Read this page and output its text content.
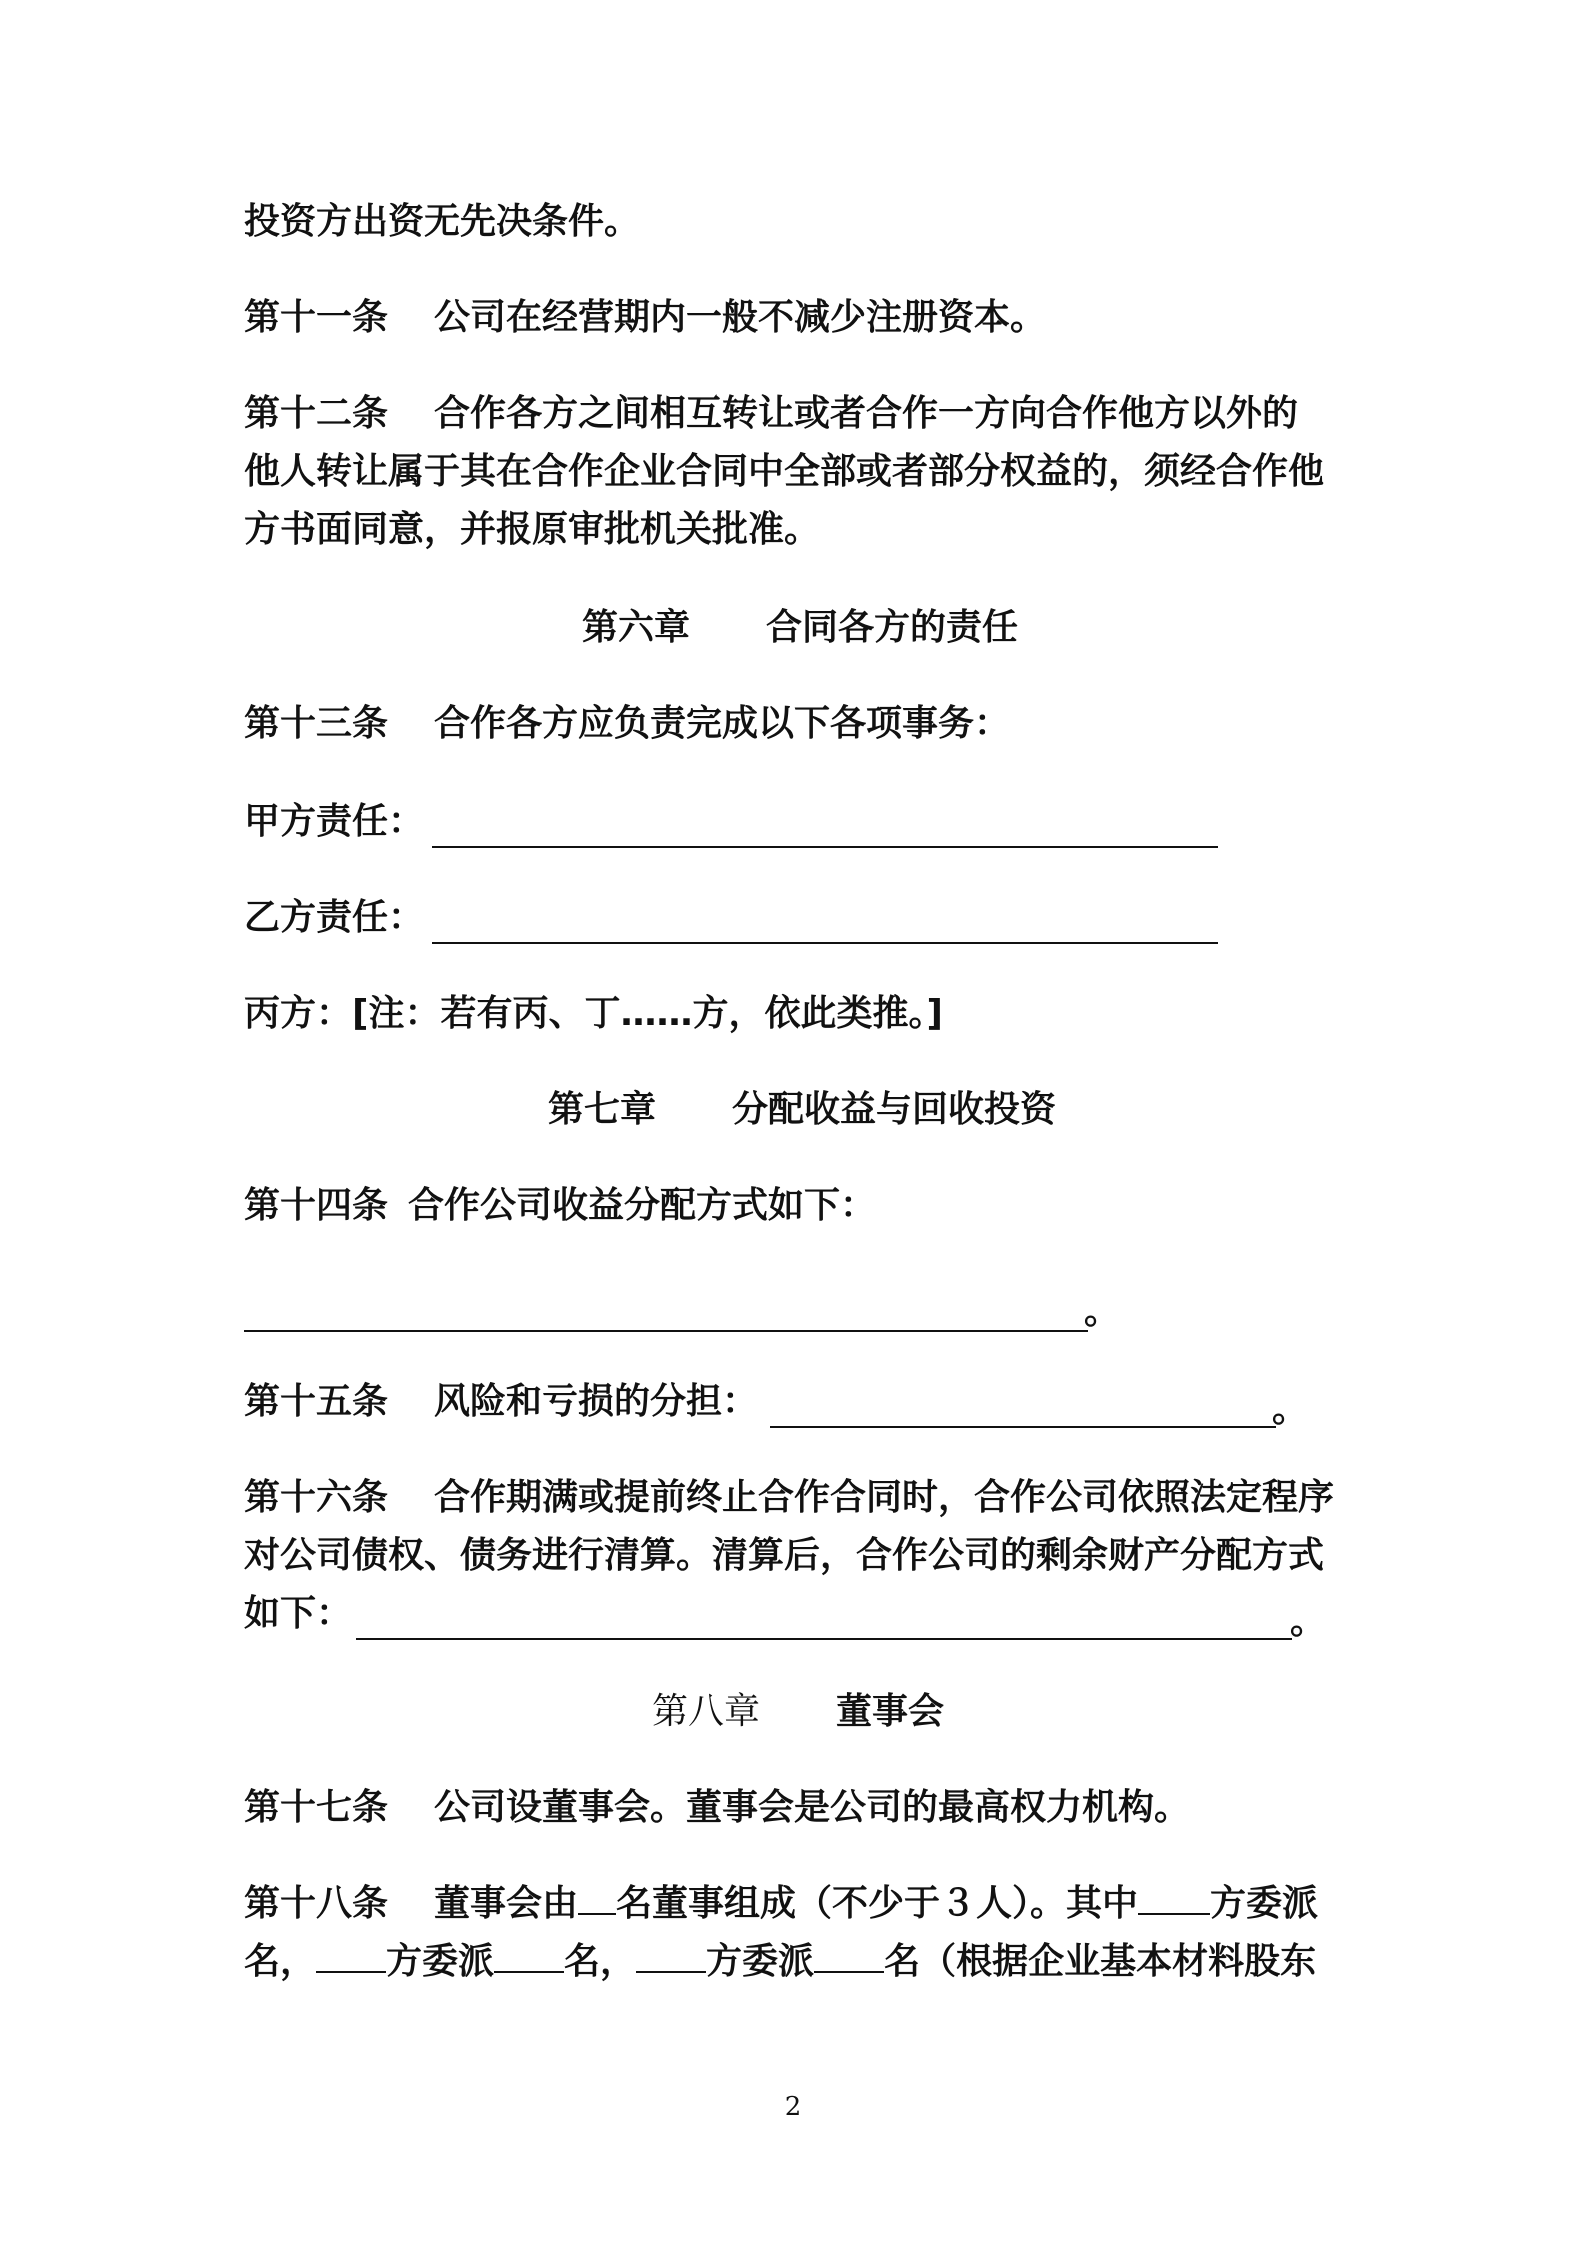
投资方出资无先决条件。
第十一条 公司在经营期内一般不减少注册资本。
第十二条 合作各方之间相互转让或者合作一方向合作他方以外的
他人转让属于其在合作企业合同中全部或者部分权益的，须经合作他
方书面同意，并报原审批机关批准。
第六章 合同各方的责任
第十三条 合作各方应负责完成以下各项事务：
甲方责任：
乙方责任：
丙方：[注：若有丙、丁……方，依此类推。]
第七章 分配收益与回收投资
第十四条 合作公司收益分配方式如下：
。
第十五条 风险和亏损的分担：	。
第十六条 合作期满或提前终止合作合同时，合作公司依照法定程序
对公司债权、债务进行清算。清算后，合作公司的剩余财产分配方式
如下：	。
第八章 董事会
第十七条 公司设董事会。董事会是公司的最高权力机构。
第十八条 董事会由 名董事组成（不少于３人）。其中 方委派
名， 方委派 名， 方委派 名（根据企业基本材料股东
2
